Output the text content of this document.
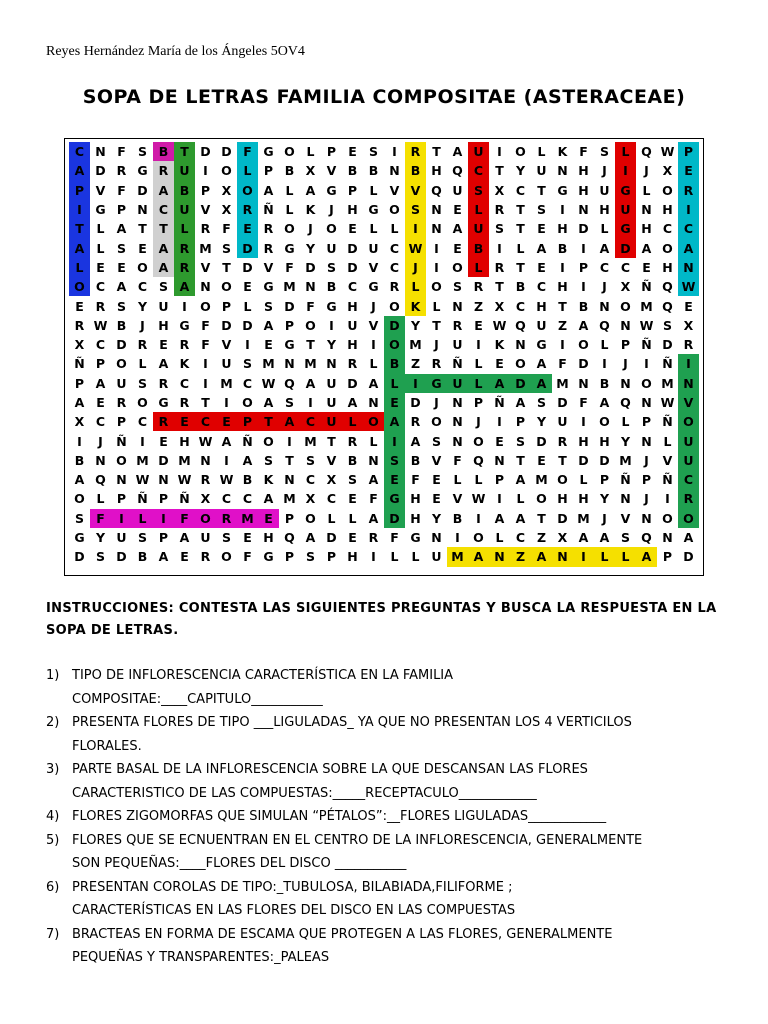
Reyes Hernández María de los Ángeles 5OV4
SOPA DE LETRAS FAMILIA COMPOSITAE (ASTERACEAE)
C N F S B T D D F G O L P E S	I	R T A U	I	O L K F S	L Q W P
A D R G R U	I	O L P B X V B B N B H Q C T Y U N H	J	I	J	X E
P V F D A B P X O A L A G P L V V Q U S X C T G H U G L O R
I	G P N C U V X R Ñ L K	J	H G O S N E	L R T S	I	N H U N H	I
T	L A T T	L R F E R O	J	O E	L	L	I	N A U S T E H D L G H C C
A L	S E A R M S D R G Y U D U C W I	E B	I	L A B	I	A D A O A
L	E E O A R V T D V F D S D V C	J	I	O L R T E	I	P C C E H N
O C A C S A N O E G M N B C G R L O S R T B C H	I	J	X Ñ Q W
E R S Y U	I	O P L	S D F G H	J	O K L N Z X C H T B N O M Q E
R W B	J	H G F D D A P O	I	U V D Y T R E W Q U Z A Q N W S X
X C D R E R F V	I	E G T Y H	I	O M J	U	I	K N G	I	O L P Ñ D R
Ñ P O L A K	I	U S M N M N R L B Z R Ñ L	E O A F D	I	J	I	Ñ	I
P A U S R C	I M C W Q A U D A L	I	G U L A D A M N B N O M N
A E R O G R T	I	O A S	I	U A N E D	J	N P Ñ A S D F A Q N W V
X C P C R E C E P T A C U L O A R O N	J	I	P Y U	I	O L P Ñ O
I	J	Ñ	I	E H W A Ñ O	I M T R L	I	A S N O E S D R H H Y N L U
B N O M D M N	I	A S T S V B N S B V F Q N T E T D D M J	V U
A Q N W N W R W B K N C X S A E F E	L	L P A M O L P Ñ P Ñ C
O L P Ñ P Ñ X C C A M X C E F G H E V W I	L O H H Y N	J	I	R
S F	I	L	I	F O R M E P O L	L A D H Y B	I	A A T D M J	V N O O
G Y U S P A U S E H Q A D E R F G N	I	O L C Z X A A S Q N A
D S D B A E R O F G P S P H	I	L	L U M A N Z A N	I	L	L A P D
INSTRUCCIONES: CONTESTA LAS SIGUIENTES PREGUNTAS Y BUSCA LA RESPUESTA EN LA SOPA DE LETRAS.
1) TIPO DE INFLORESCENCIA CARACTERÍSTICA EN LA FAMILIA
COMPOSITAE:____CAPITULO___________
2) PRESENTA FLORES DE TIPO ___LIGULADAS_ YA QUE NO PRESENTAN LOS 4 VERTICILOS
FLORALES.
3) PARTE BASAL DE LA INFLORESCENCIA SOBRE LA QUE DESCANSAN LAS FLORES
CARACTERISTICO DE LAS COMPUESTAS:_____RECEPTACULO____________
4) FLORES ZIGOMORFAS QUE SIMULAN “PÉTALOS”:__FLORES LIGULADAS____________
5) FLORES QUE SE ECNUENTRAN EN EL CENTRO DE LA INFLORESCENCIA, GENERALMENTE
SON PEQUEÑAS:____FLORES DEL DISCO ___________
6) PRESENTAN COROLAS DE TIPO:_TUBULOSA, BILABIADA,FILIFORME ;
CARACTERÍSTICAS EN LAS FLORES DEL DISCO EN LAS COMPUESTAS
7) BRACTEAS EN FORMA DE ESCAMA QUE PROTEGEN A LAS FLORES, GENERALMENTE
PEQUEÑAS Y TRANSPARENTES:_PALEAS
